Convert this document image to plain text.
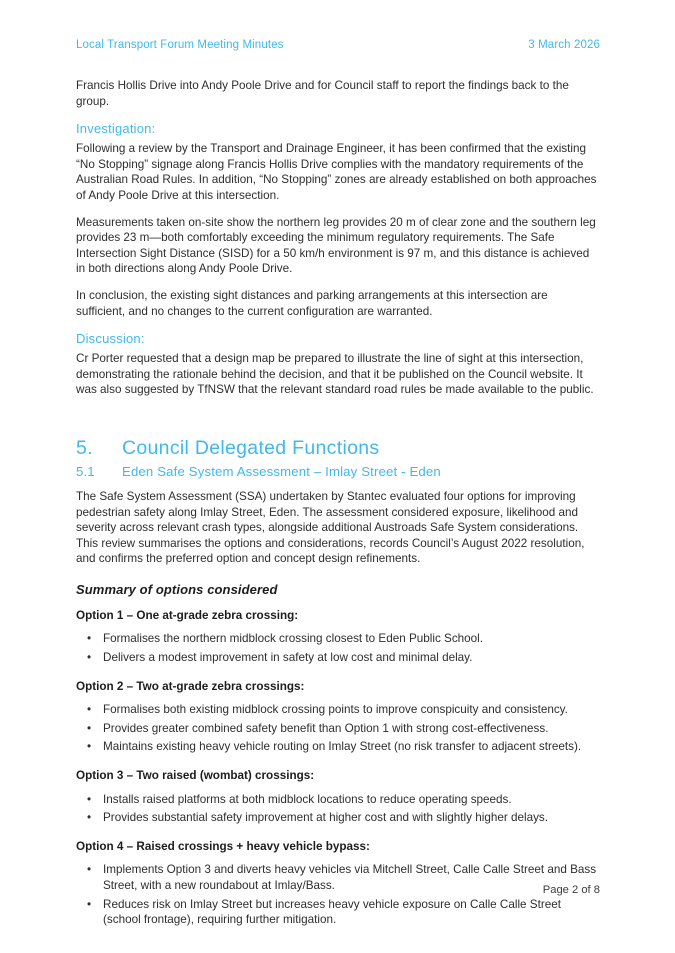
Local Transport Forum Meeting Minutes	3 March 2026

Francis Hollis Drive into Andy Poole Drive and for Council staff to report the findings back to the group.

Investigation:

Following a review by the Transport and Drainage Engineer, it has been confirmed that the existing “No Stopping” signage along Francis Hollis Drive complies with the mandatory requirements of the Australian Road Rules. In addition, “No Stopping” zones are already established on both approaches of Andy Poole Drive at this intersection.

Measurements taken on-site show the northern leg provides 20 m of clear zone and the southern leg provides 23 m—both comfortably exceeding the minimum regulatory requirements. The Safe Intersection Sight Distance (SISD) for a 50 km/h environment is 97 m, and this distance is achieved in both directions along Andy Poole Drive.

In conclusion, the existing sight distances and parking arrangements at this intersection are sufficient, and no changes to the current configuration are warranted.

Discussion:

Cr Porter requested that a design map be prepared to illustrate the line of sight at this intersection, demonstrating the rationale behind the decision, and that it be published on the Council website. It was also suggested by TfNSW that the relevant standard road rules be made available to the public.

5.	Council Delegated Functions
5.1	Eden Safe System Assessment – Imlay Street - Eden

The Safe System Assessment (SSA) undertaken by Stantec evaluated four options for improving pedestrian safety along Imlay Street, Eden. The assessment considered exposure, likelihood and severity across relevant crash types, alongside additional Austroads Safe System considerations. This review summarises the options and considerations, records Council’s August 2022 resolution, and confirms the preferred option and concept design refinements.

Summary of options considered

Option 1 – One at-grade zebra crossing:

• Formalises the northern midblock crossing closest to Eden Public School.
• Delivers a modest improvement in safety at low cost and minimal delay.

Option 2 – Two at-grade zebra crossings:

• Formalises both existing midblock crossing points to improve conspicuity and consistency.
• Provides greater combined safety benefit than Option 1 with strong cost-effectiveness.
• Maintains existing heavy vehicle routing on Imlay Street (no risk transfer to adjacent streets).

Option 3 – Two raised (wombat) crossings:

• Installs raised platforms at both midblock locations to reduce operating speeds.
• Provides substantial safety improvement at higher cost and with slightly higher delays.

Option 4 – Raised crossings + heavy vehicle bypass:

• Implements Option 3 and diverts heavy vehicles via Mitchell Street, Calle Calle Street and Bass Street, with a new roundabout at Imlay/Bass.
• Reduces risk on Imlay Street but increases heavy vehicle exposure on Calle Calle Street (school frontage), requiring further mitigation.
Page 2 of 8
